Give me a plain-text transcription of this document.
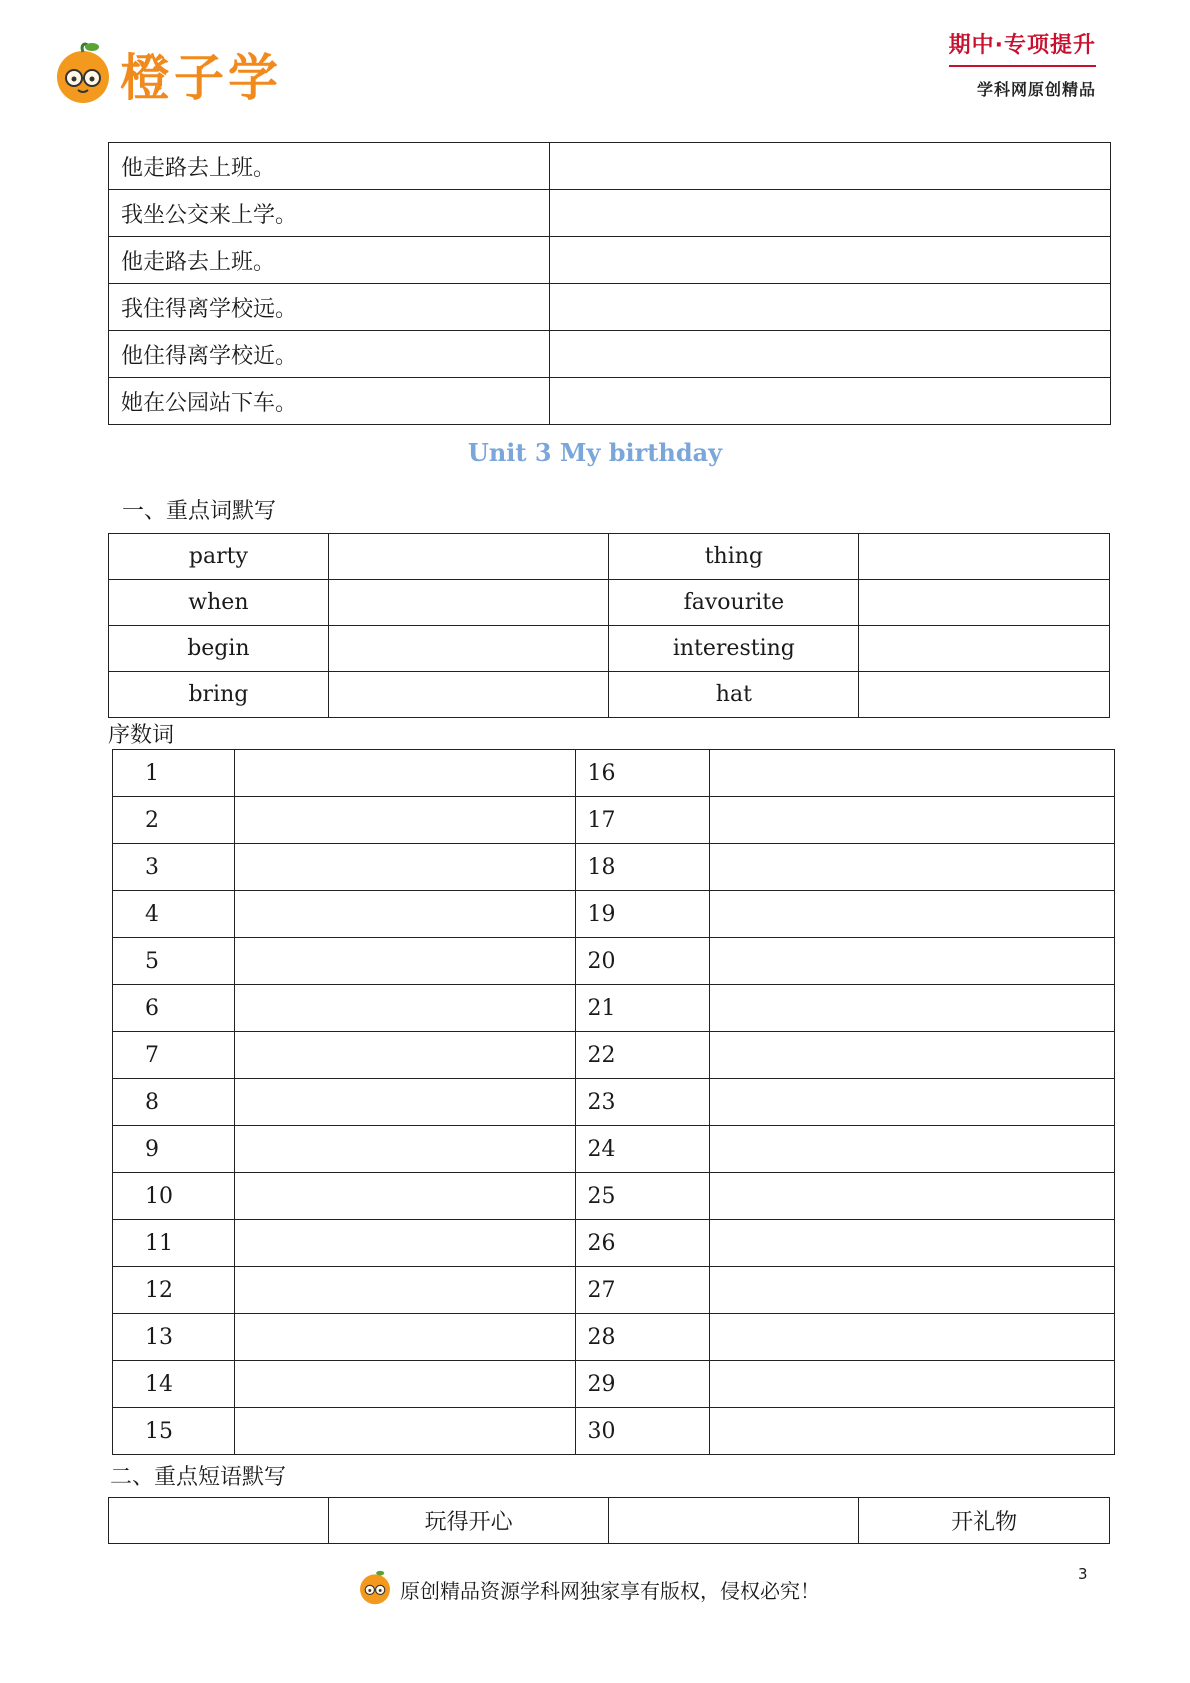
橙子学
期中·专项提升
学科网原创精品
他走路去上班。	
我坐公交来上学。	
他走路去上班。	
我住得离学校远。	
他住得离学校近。	
她在公园站下车。	
Unit 3 My birthday
一、重点词默写
party		thing	
when		favourite	
begin		interesting	
bring		hat	
序数词
1		16	
2		17	
3		18	
4		19	
5		20	
6		21	
7		22	
8		23	
9		24	
10		25	
11		26	
12		27	
13		28	
14		29	
15		30	
二、重点短语默写
	玩得开心		开礼物
原创精品资源学科网独家享有版权，侵权必究！
3
